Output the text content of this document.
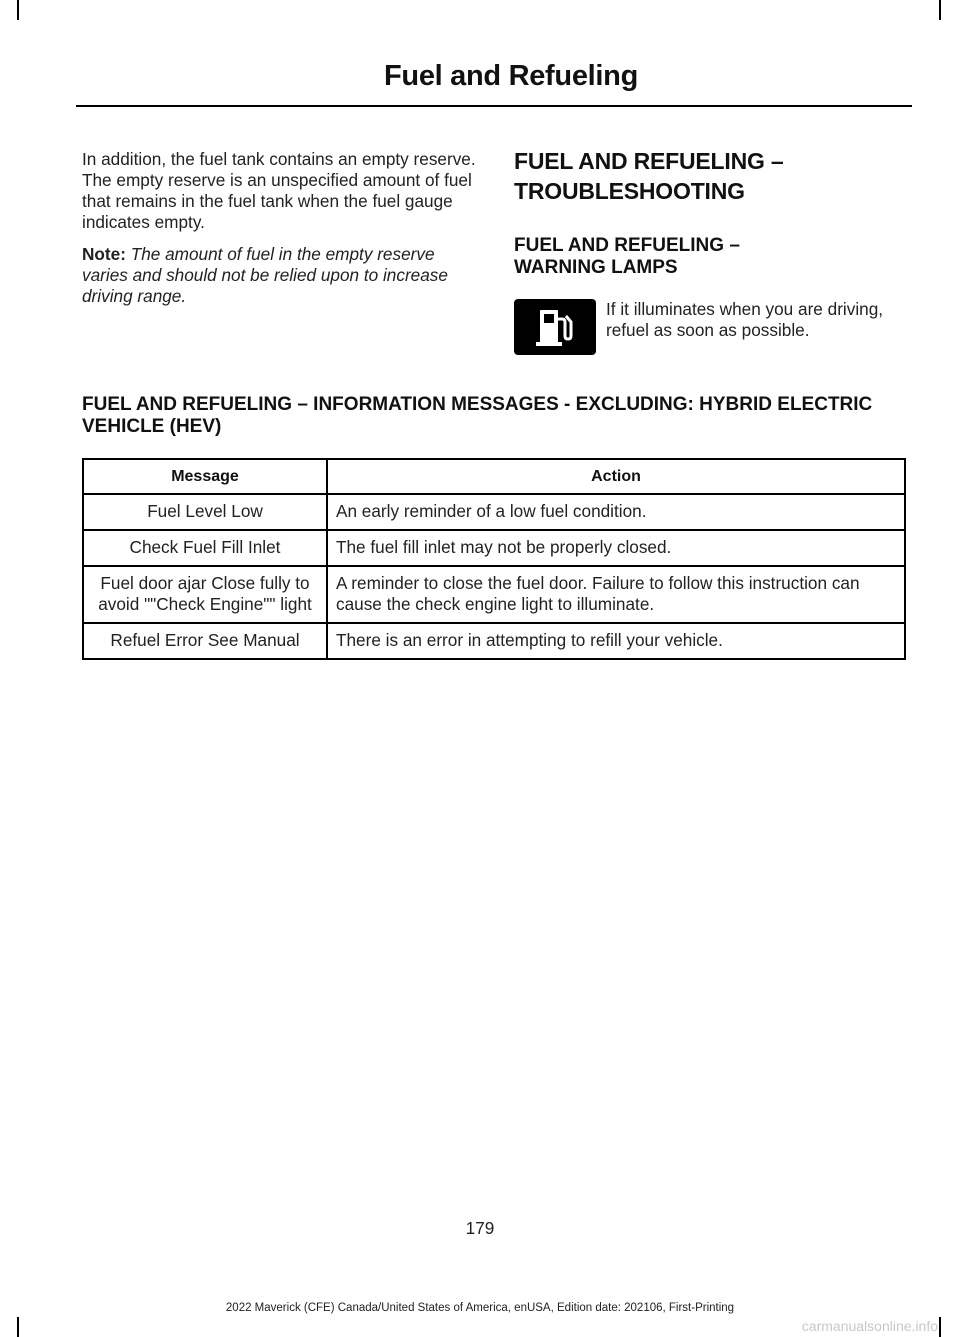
Fuel and Refueling

In addition, the fuel tank contains an empty reserve. The empty reserve is an unspecified amount of fuel that remains in the fuel tank when the fuel gauge indicates empty.

Note: The amount of fuel in the empty reserve varies and should not be relied upon to increase driving range.

FUEL AND REFUELING –
TROUBLESHOOTING
FUEL AND REFUELING – WARNING LAMPS
If it illuminates when you are driving, refuel as soon as possible.
FUEL AND REFUELING – INFORMATION MESSAGES - EXCLUDING: HYBRID ELECTRIC VEHICLE (HEV)
Message	Action
Fuel Level Low	An early reminder of a low fuel condition.
Check Fuel Fill Inlet	The fuel fill inlet may not be properly closed.
Fuel door ajar Close fully to avoid ""Check Engine"" light	A reminder to close the fuel door. Failure to follow this instruction can cause the check engine light to illuminate.
Refuel Error See Manual	There is an error in attempting to refill your vehicle.
179
2022 Maverick (CFE) Canada/United States of America, enUSA, Edition date: 202106, First-Printing
carmanualsonline.info
